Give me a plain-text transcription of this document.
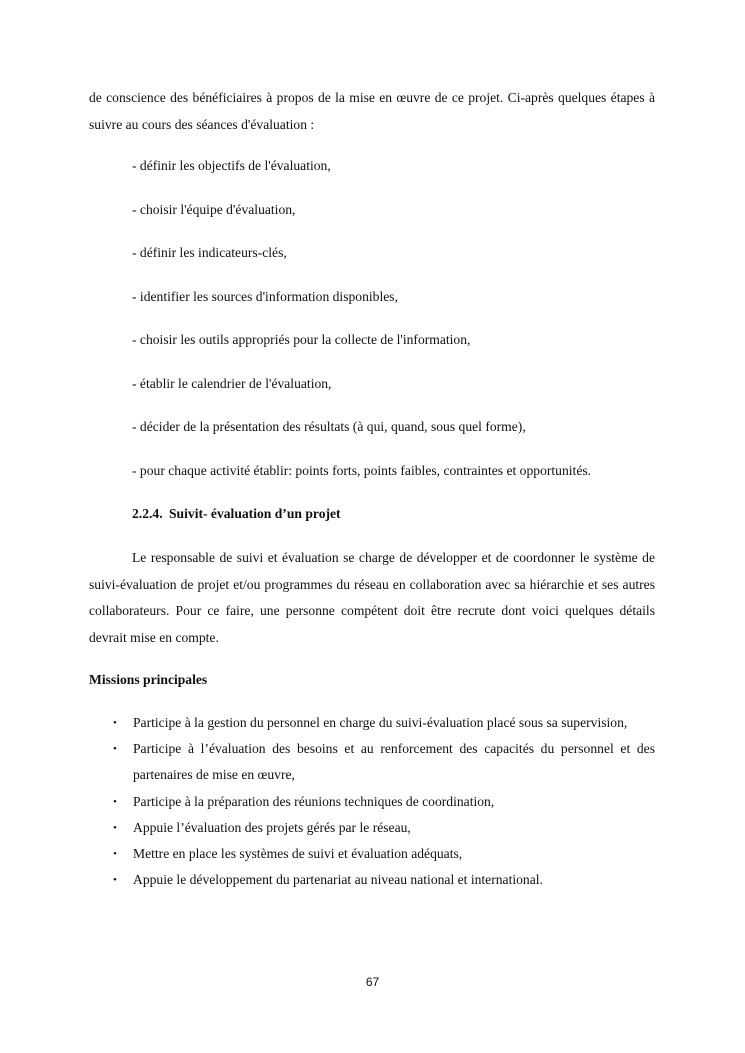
de conscience des bénéficiaires à propos de la mise en œuvre de ce projet. Ci-après quelques étapes à suivre au cours des séances d'évaluation :

- définir les objectifs de l'évaluation,

- choisir l'équipe d'évaluation,

- définir les indicateurs-clés,

- identifier les sources d'information disponibles,

- choisir les outils appropriés pour la collecte de l'information,

- établir le calendrier de l'évaluation,

- décider de la présentation des résultats (à qui, quand, sous quel forme),

- pour chaque activité établir: points forts, points faibles, contraintes et opportunités.

2.2.4. Suivit- évaluation d’un projet

Le responsable de suivi et évaluation se charge de développer et de coordonner le système de suivi-évaluation de projet et/ou programmes du réseau en collaboration avec sa hiérarchie et ses autres collaborateurs. Pour ce faire, une personne compétent doit être recrute dont voici quelques détails devrait mise en compte.

Missions principales

• Participe à la gestion du personnel en charge du suivi-évaluation placé sous sa supervision,
• Participe à l’évaluation des besoins et au renforcement des capacités du personnel et des partenaires de mise en œuvre,
• Participe à la préparation des réunions techniques de coordination,
• Appuie l’évaluation des projets gérés par le réseau,
• Mettre en place les systèmes de suivi et évaluation adéquats,
• Appuie le développement du partenariat au niveau national et international.
67
